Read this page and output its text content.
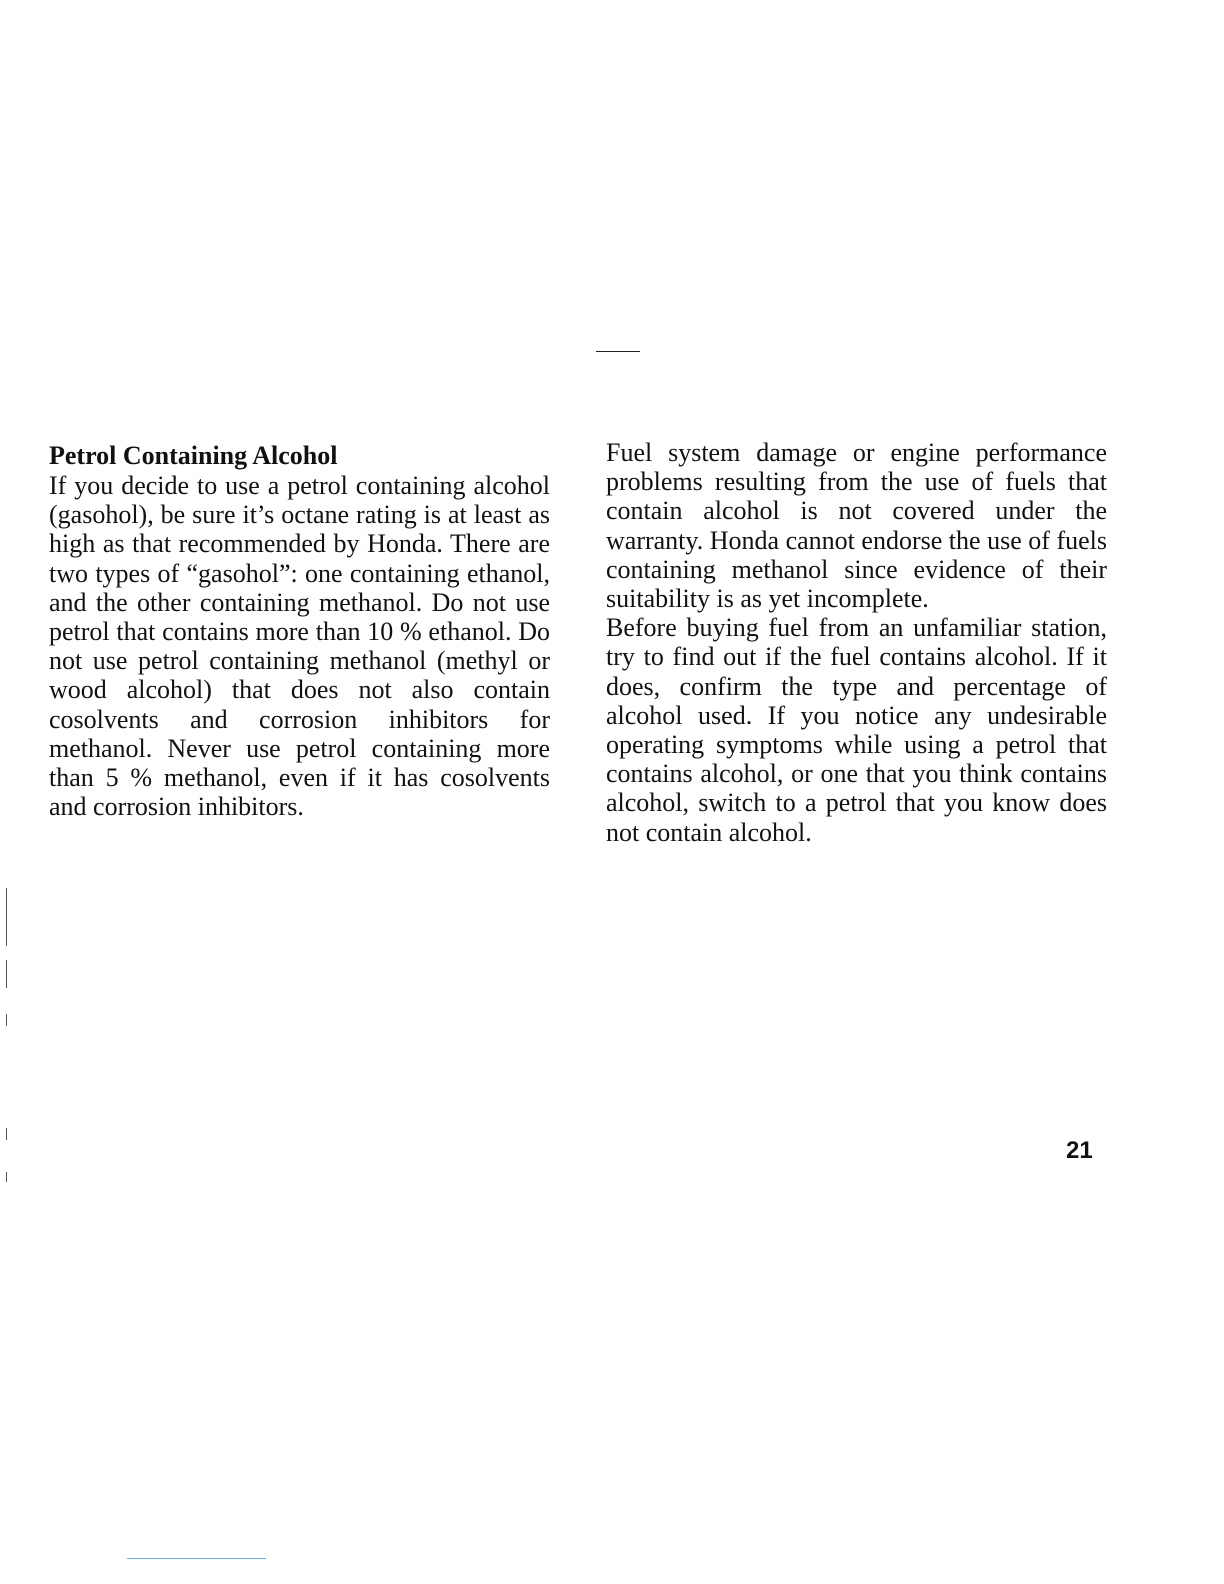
Petrol Containing Alcohol

If you decide to use a petrol containing alcohol (gasohol), be sure it’s octane rating is at least as high as that recommended by Honda. There are two types of “gasohol”: one containing ethanol, and the other containing methanol. Do not use petrol that contains more than 10 % ethanol. Do not use petrol containing methanol (methyl or wood alcohol) that does not also contain cosolvents and corrosion inhibitors for methanol. Never use petrol containing more than 5 % methanol, even if it has cosolvents and corrosion inhibitors.

Fuel system damage or engine performance problems resulting from the use of fuels that contain alcohol is not covered under the warranty. Honda cannot endorse the use of fuels containing methanol since evidence of their suitability is as yet incomplete.

Before buying fuel from an unfamiliar station, try to find out if the fuel contains alcohol. If it does, confirm the type and percentage of alcohol used. If you notice any undesirable operating symptoms while using a petrol that contains alcohol, or one that you think contains alcohol, switch to a petrol that you know does not contain alcohol.

21
